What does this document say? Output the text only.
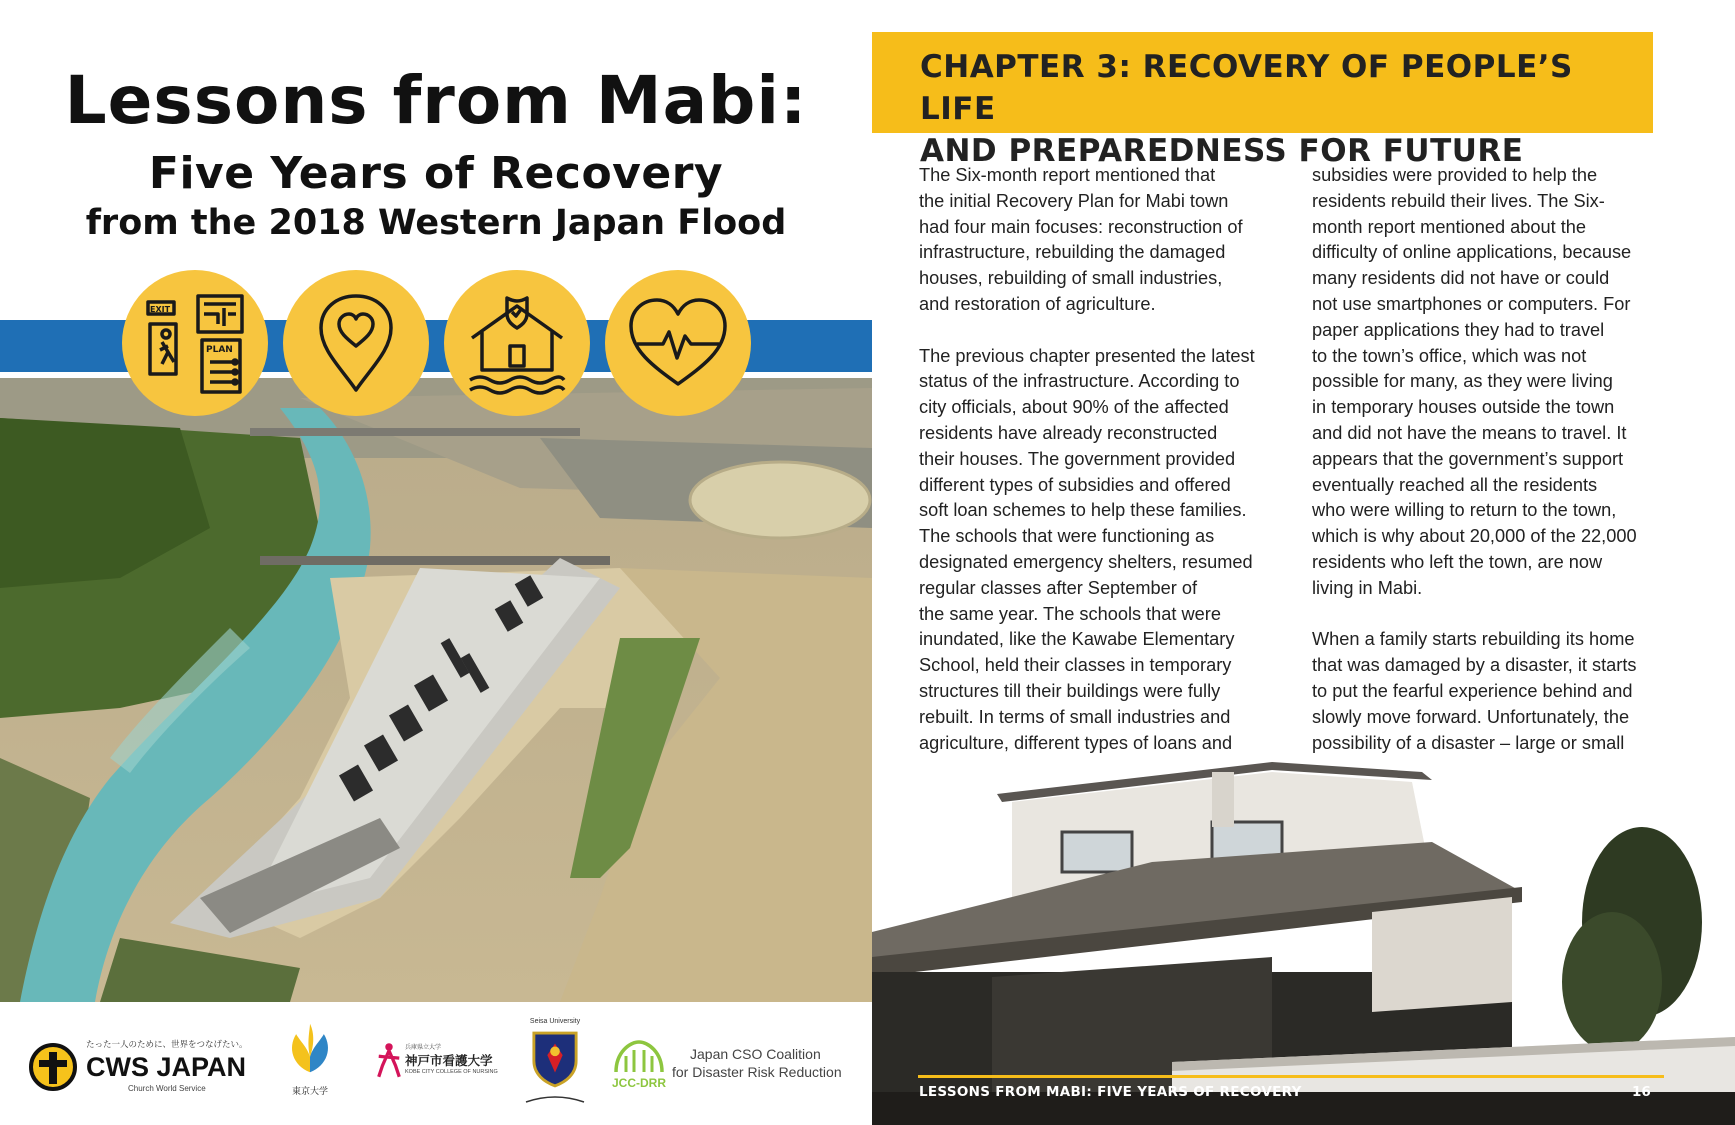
Lessons from Mabi:
Five Years of Recovery
from the 2018 Western Japan Flood
EXIT
PLAN
たった一人のために、世界をつなげたい。
CWS JAPAN
Church World Service	東京大学
兵庫県立大学
神戸市看護大学
KOBE CITY COLLEGE OF NURSING
Seisa University
JCC-DRR
Japan CSO Coalition
for Disaster Risk Reduction
CHAPTER 3: RECOVERY OF PEOPLE’S LIFE
AND PREPAREDNESS FOR FUTURE

The Six-month report mentioned that
the initial Recovery Plan for Mabi town
had four main focuses: reconstruction of
infrastructure, rebuilding the damaged
houses, rebuilding of small industries,
and restoration of agriculture.

The previous chapter presented the latest
status of the infrastructure. According to
city officials, about 90% of the affected
residents have already reconstructed
their houses. The government provided
different types of subsidies and offered
soft loan schemes to help these families.
The schools that were functioning as
designated emergency shelters, resumed
regular classes after September of
the same year. The schools that were
inundated, like the Kawabe Elementary
School, held their classes in temporary
structures till their buildings were fully
rebuilt. In terms of small industries and
agriculture, different types of loans and

subsidies were provided to help the
residents rebuild their lives. The Six-
month report mentioned about the
difficulty of online applications, because
many residents did not have or could
not use smartphones or computers. For
paper applications they had to travel
to the town’s office, which was not
possible for many, as they were living
in temporary houses outside the town
and did not have the means to travel. It
appears that the government’s support
eventually reached all the residents
who were willing to return to the town,
which is why about 20,000 of the 22,000
residents who left the town, are now
living in Mabi.

When a family starts rebuilding its home
that was damaged by a disaster, it starts
to put the fearful experience behind and
slowly move forward. Unfortunately, the
possibility of a disaster – large or small

LESSONS FROM MABI: FIVE YEARS OF RECOVERY	16
